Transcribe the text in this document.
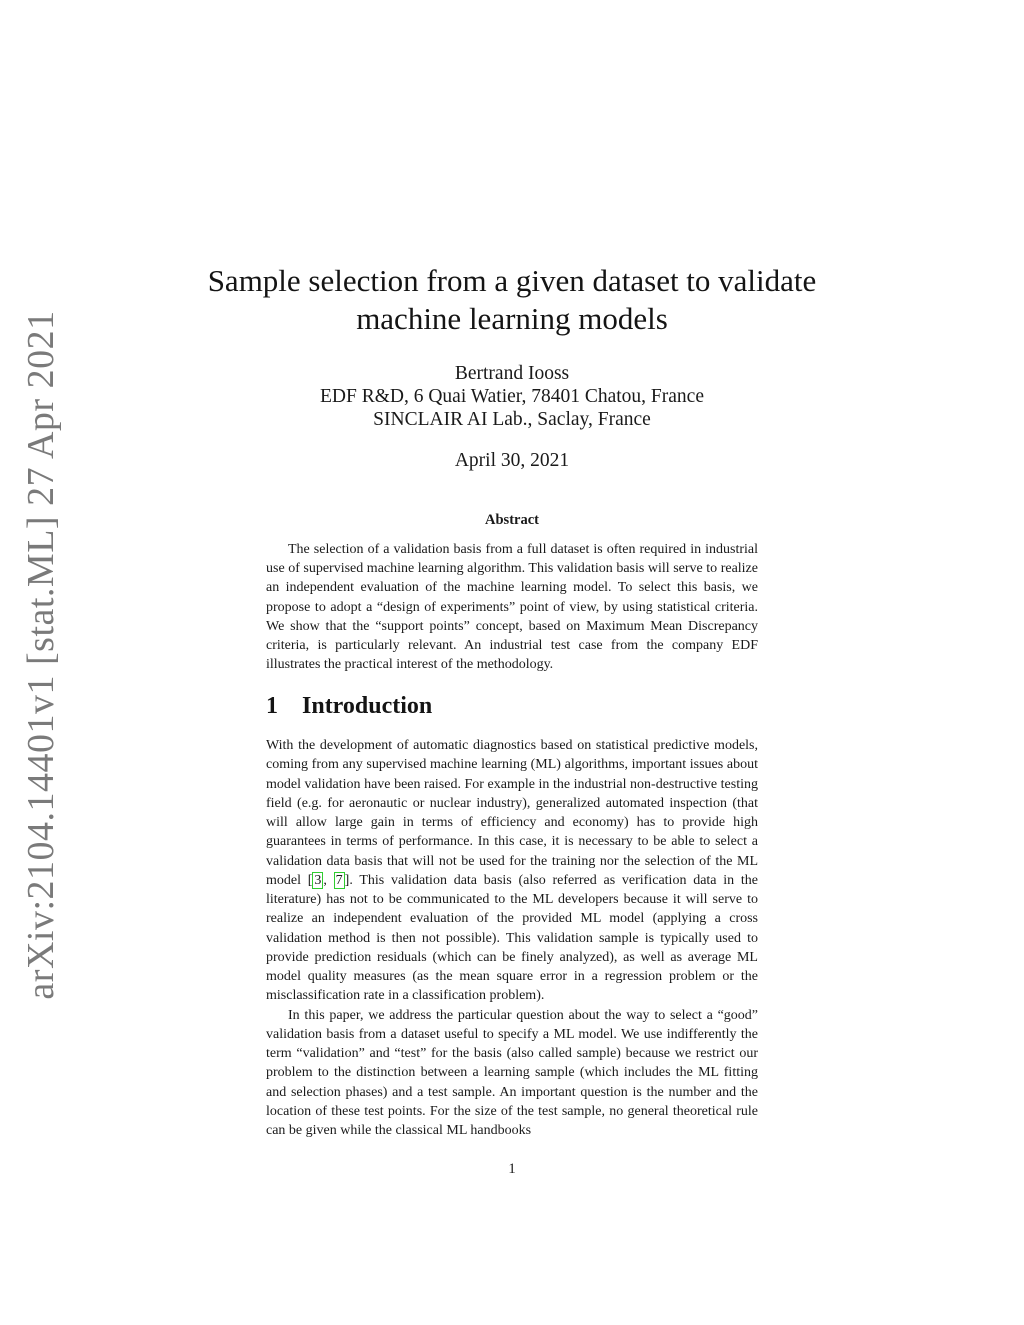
arXiv:2104.14401v1 [stat.ML] 27 Apr 2021
Sample selection from a given dataset to validate
machine learning models
Bertrand Iooss
EDF R&D, 6 Quai Watier, 78401 Chatou, France
SINCLAIR AI Lab., Saclay, France
April 30, 2021
Abstract

The selection of a validation basis from a full dataset is often required in industrial use of supervised machine learning algorithm. This validation basis will serve to realize an independent evaluation of the machine learning model. To select this basis, we propose to adopt a “design of experiments” point of view, by using statistical criteria. We show that the “support points” concept, based on Maximum Mean Discrepancy criteria, is particularly relevant. An industrial test case from the company EDF illustrates the practical interest of the methodology.

1 Introduction

With the development of automatic diagnostics based on statistical predictive models, coming from any supervised machine learning (ML) algorithms, important issues about model validation have been raised. For example in the industrial non-destructive testing field (e.g. for aeronautic or nuclear industry), generalized automated inspection (that will allow large gain in terms of efficiency and economy) has to provide high guarantees in terms of performance. In this case, it is necessary to be able to select a validation data basis that will not be used for the training nor the selection of the ML model [ 3 , 7 ]. This validation data basis (also referred as verification data in the literature) has not to be communicated to the ML developers because it will serve to realize an independent evaluation of the provided ML model (applying a cross validation method is then not possible). This validation sample is typically used to provide prediction residuals (which can be finely analyzed), as well as average ML model quality measures (as the mean square error in a regression problem or the misclassification rate in a classification problem).

In this paper, we address the particular question about the way to select a “good” validation basis from a dataset useful to specify a ML model. We use indifferently the term “validation” and “test” for the basis (also called sample) because we restrict our problem to the distinction between a learning sample (which includes the ML fitting and selection phases) and a test sample. An important question is the number and the location of these test points. For the size of the test sample, no general theoretical rule can be given while the classical ML handbooks

1
